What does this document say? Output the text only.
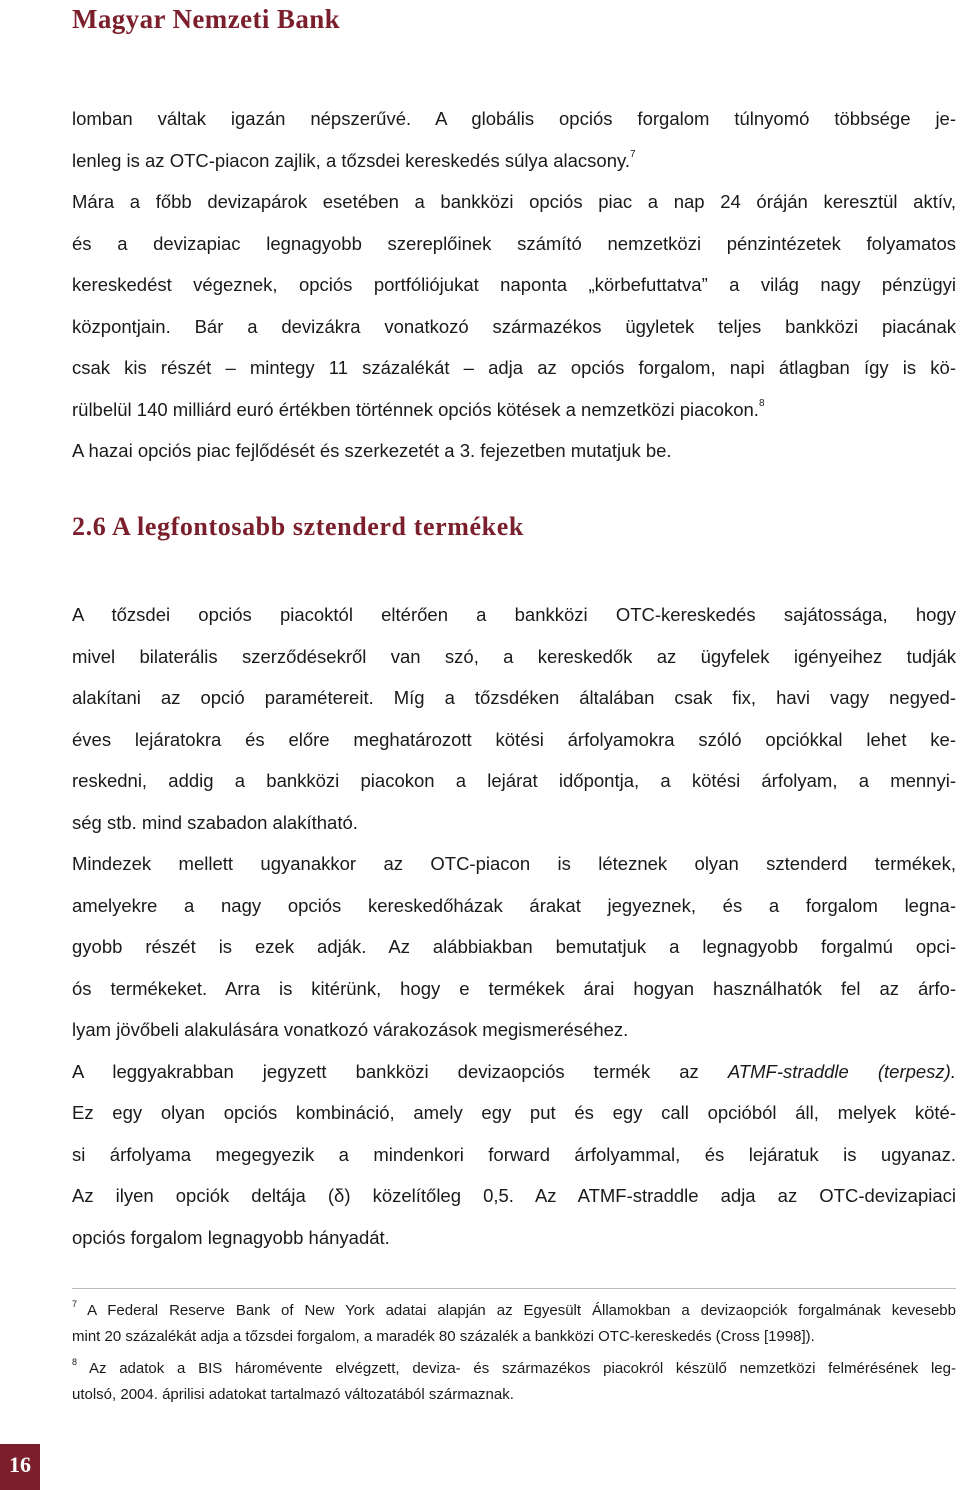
Magyar Nemzeti Bank

lomban váltak igazán népszerűvé. A globális opciós forgalom túlnyomó többsége je-
lenleg is az OTC-piacon zajlik, a tőzsdei kereskedés súlya alacsony.$^7$
Mára a főbb devizapárok esetében a bankközi opciós piac a nap 24 óráján keresztül aktív,
és a devizapiac legnagyobb szereplőinek számító nemzetközi pénzintézetek folyamatos
kereskedést végeznek, opciós portfóliójukat naponta „körbefuttatva” a világ nagy pénzügyi
központjain. Bár a devizákra vonatkozó származékos ügyletek teljes bankközi piacának
csak kis részét – mintegy 11 százalékát – adja az opciós forgalom, napi átlagban így is kö-
rülbelül 140 milliárd euró értékben történnek opciós kötések a nemzetközi piacokon.$^8$
A hazai opciós piac fejlődését és szerkezetét a 3. fejezetben mutatjuk be.

2.6 A legfontosabb sztenderd termékek

A tőzsdei opciós piacoktól eltérően a bankközi OTC-kereskedés sajátossága, hogy
mivel bilaterális szerződésekről van szó, a kereskedők az ügyfelek igényeihez tudják
alakítani az opció paramétereit. Míg a tőzsdéken általában csak fix, havi vagy negyed-
éves lejáratokra és előre meghatározott kötési árfolyamokra szóló opciókkal lehet ke-
reskedni, addig a bankközi piacokon a lejárat időpontja, a kötési árfolyam, a mennyi-
ség stb. mind szabadon alakítható.

Mindezek mellett ugyanakkor az OTC-piacon is léteznek olyan sztenderd termékek,
amelyekre a nagy opciós kereskedőházak árakat jegyeznek, és a forgalom legna-
gyobb részét is ezek adják. Az alábbiakban bemutatjuk a legnagyobb forgalmú opci-
ós termékeket. Arra is kitérünk, hogy e termékek árai hogyan használhatók fel az árfo-
lyam jövőbeli alakulására vonatkozó várakozások megismeréséhez.

A leggyakrabban jegyzett bankközi devizaopciós termék az ATMF-straddle (terpesz).
Ez egy olyan opciós kombináció, amely egy put és egy call opcióból áll, melyek köté-
si árfolyama megegyezik a mindenkori forward árfolyammal, és lejáratuk is ugyanaz.
Az ilyen opciók deltája (δ) közelítőleg 0,5. Az ATMF-straddle adja az OTC-devizapiaci
opciós forgalom legnagyobb hányadát.

$^7$ A Federal Reserve Bank of New York adatai alapján az Egyesült Államokban a devizaopciók forgalmának kevesebb
mint 20 százalékát adja a tőzsdei forgalom, a maradék 80 százalék a bankközi OTC-kereskedés (Cross [1998]).

$^8$ Az adatok a BIS háromévente elvégzett, deviza- és származékos piacokról készülő nemzetközi felmérésének leg-
utolsó, 2004. áprilisi adatokat tartalmazó változatából származnak.

16
